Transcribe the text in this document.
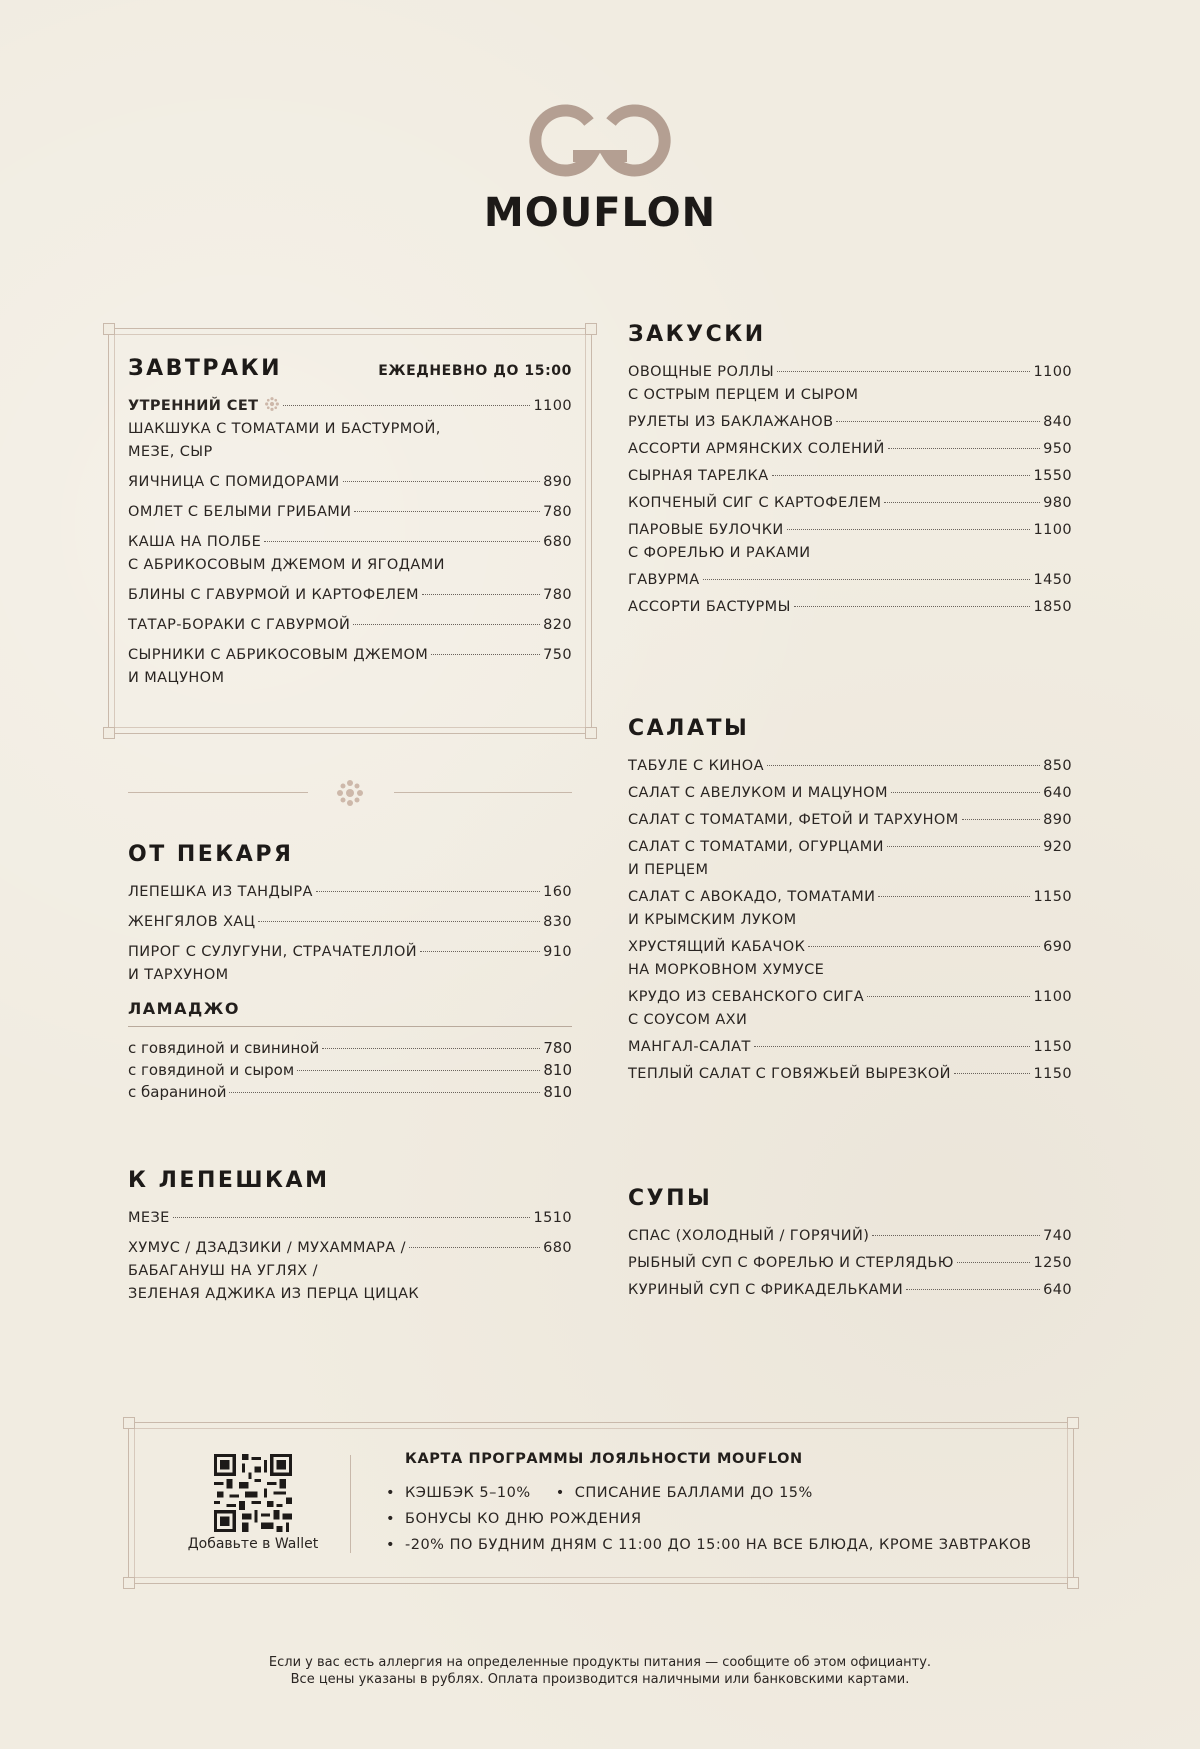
MOUFLON
ЗАВТРАКИ	ЕЖЕДНЕВНО ДО 15:00
УТРЕННИЙ СЕТ	1100
ШАКШУКА С ТОМАТАМИ И БАСТУРМОЙ,
МЕЗЕ, СЫР
ЯИЧНИЦА С ПОМИДОРАМИ	890
ОМЛЕТ С БЕЛЫМИ ГРИБАМИ	780
КАША НА ПОЛБЕ	680
С АБРИКОСОВЫМ ДЖЕМОМ И ЯГОДАМИ
БЛИНЫ С ГАВУРМОЙ И КАРТОФЕЛЕМ	780
ТАТАР-БОРАКИ С ГАВУРМОЙ	820
СЫРНИКИ С АБРИКОСОВЫМ ДЖЕМОМ	750
И МАЦУНОМ
ОТ ПЕКАРЯ
ЛЕПЕШКА ИЗ ТАНДЫРА	160
ЖЕНГЯЛОВ ХАЦ	830
ПИРОГ С СУЛУГУНИ, СТРАЧАТЕЛЛОЙ	910
И ТАРХУНОМ
ЛАМАДЖО
с говядиной и свининой	780
с говядиной и сыром	810
с бараниной	810
К ЛЕПЕШКАМ
МЕЗЕ	1510
ХУМУС / ДЗАДЗИКИ / МУХАММАРА /	680
БАБАГАНУШ НА УГЛЯХ /
ЗЕЛЕНАЯ АДЖИКА ИЗ ПЕРЦА ЦИЦАК
ЗАКУСКИ
ОВОЩНЫЕ РОЛЛЫ	1100
С ОСТРЫМ ПЕРЦЕМ И СЫРОМ
РУЛЕТЫ ИЗ БАКЛАЖАНОВ	840
АССОРТИ АРМЯНСКИХ СОЛЕНИЙ	950
СЫРНАЯ ТАРЕЛКА	1550
КОПЧЕНЫЙ СИГ С КАРТОФЕЛЕМ	980
ПАРОВЫЕ БУЛОЧКИ	1100
С ФОРЕЛЬЮ И РАКАМИ
ГАВУРМА	1450
АССОРТИ БАСТУРМЫ	1850
САЛАТЫ
ТАБУЛЕ С КИНОА	850
САЛАТ С АВЕЛУКОМ И МАЦУНОМ	640
САЛАТ С ТОМАТАМИ, ФЕТОЙ И ТАРХУНОМ	890
САЛАТ С ТОМАТАМИ, ОГУРЦАМИ	920
И ПЕРЦЕМ
САЛАТ С АВОКАДО, ТОМАТАМИ	1150
И КРЫМСКИМ ЛУКОМ
ХРУСТЯЩИЙ КАБАЧОК	690
НА МОРКОВНОМ ХУМУСЕ
КРУДО ИЗ СЕВАНСКОГО СИГА	1100
С СОУСОМ АХИ
МАНГАЛ-САЛАТ	1150
ТЕПЛЫЙ САЛАТ С ГОВЯЖЬЕЙ ВЫРЕЗКОЙ	1150
СУПЫ
СПАС (ХОЛОДНЫЙ / ГОРЯЧИЙ)	740
РЫБНЫЙ СУП С ФОРЕЛЬЮ И СТЕРЛЯДЬЮ	1250
КУРИНЫЙ СУП С ФРИКАДЕЛЬКАМИ	640
Добавьте в Wallet
КАРТА ПРОГРАММЫ ЛОЯЛЬНОСТИ MOUFLON
• КЭШБЭК 5–10% • СПИСАНИЕ БАЛЛАМИ ДО 15%
• БОНУСЫ КО ДНЮ РОЖДЕНИЯ
• -20% ПО БУДНИМ ДНЯМ С 11:00 ДО 15:00 НА ВСЕ БЛЮДА, КРОМЕ ЗАВТРАКОВ
Если у вас есть аллергия на определенные продукты питания — сообщите об этом официанту.
Все цены указаны в рублях. Оплата производится наличными или банковскими картами.
